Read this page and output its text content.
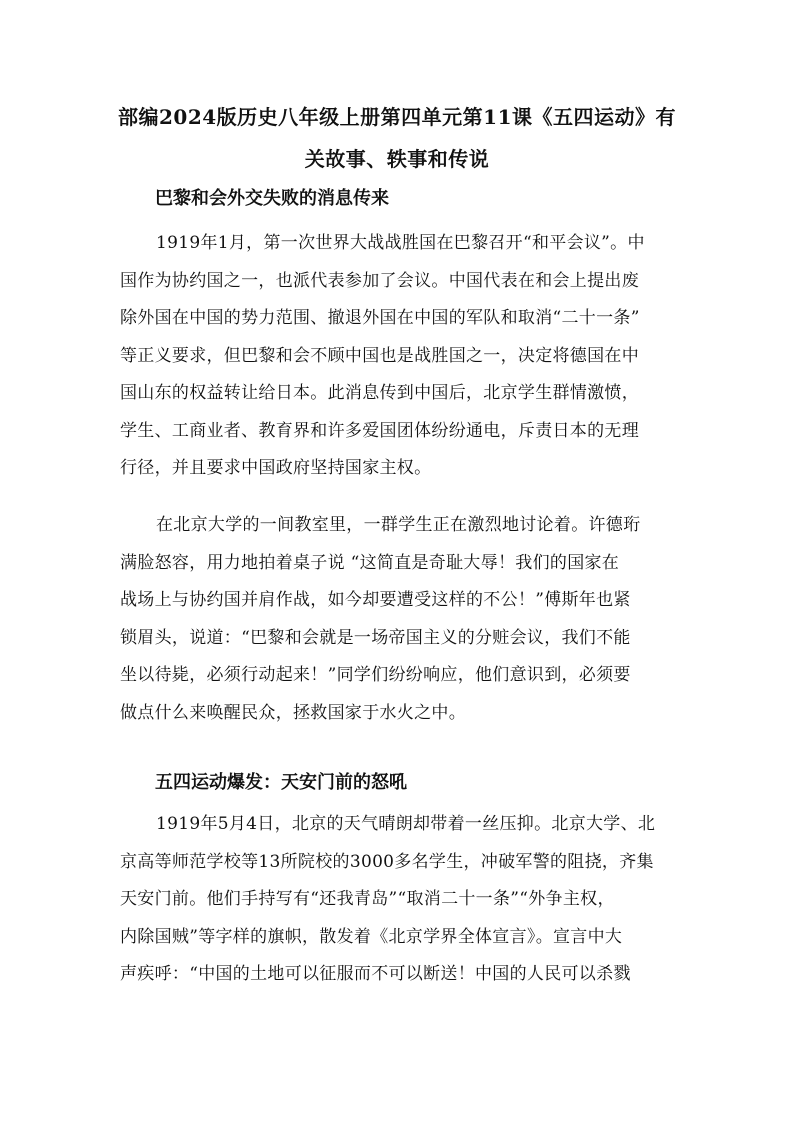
部编2024版历史八年级上册第四单元第11课《五四运动》有
关故事、轶事和传说
巴黎和会外交失败的消息传来
1919年1月，第一次世界大战战胜国在巴黎召开“和平会议”。中
国作为协约国之一，也派代表参加了会议。中国代表在和会上提出废
除外国在中国的势力范围、撤退外国在中国的军队和取消“二十一条”
等正义要求，但巴黎和会不顾中国也是战胜国之一，决定将德国在中
国山东的权益转让给日本。此消息传到中国后，北京学生群情激愤，
学生、工商业者、教育界和许多爱国团体纷纷通电，斥责日本的无理
行径，并且要求中国政府坚持国家主权。
在北京大学的一间教室里，一群学生正在激烈地讨论着。许德珩
满脸怒容，用力地拍着桌子说 “这简直是奇耻大辱！我们的国家在
战场上与协约国并肩作战，如今却要遭受这样的不公！”傅斯年也紧
锁眉头，说道：“巴黎和会就是一场帝国主义的分赃会议，我们不能
坐以待毙，必须行动起来！”同学们纷纷响应，他们意识到，必须要
做点什么来唤醒民众，拯救国家于水火之中。
五四运动爆发：天安门前的怒吼
1919年5月4日，北京的天气晴朗却带着一丝压抑。北京大学、北
京高等师范学校等13所院校的3000多名学生，冲破军警的阻挠，齐集
天安门前。他们手持写有“还我青岛”“取消二十一条”“外争主权，
内除国贼”等字样的旗帜，散发着《北京学界全体宣言》。宣言中大
声疾呼：“中国的土地可以征服而不可以断送！中国的人民可以杀戮
